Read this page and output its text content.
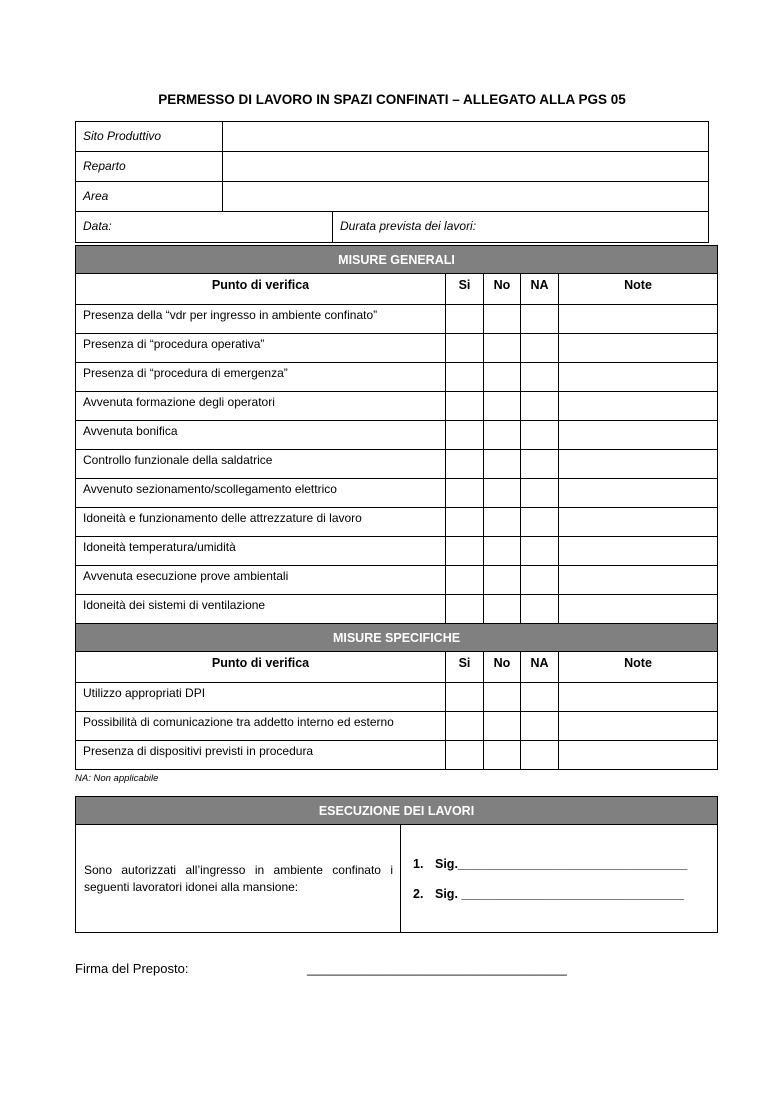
PERMESSO DI LAVORO IN SPAZI CONFINATI – ALLEGATO ALLA PGS 05
Sito Produttivo		
Reparto		
Area		
Data:		Durata prevista dei lavori:
MISURE GENERALI				
Punto di verifica	Si	No	NA	Note
Presenza della “vdr per ingresso in ambiente confinato”				
Presenza di “procedura operativa”				
Presenza di “procedura di emergenza”				
Avvenuta formazione degli operatori				
Avvenuta bonifica				
Controllo funzionale della saldatrice				
Avvenuto sezionamento/scollegamento elettrico				
Idoneità e funzionamento delle attrezzature di lavoro				
Idoneità temperatura/umidità				
Avvenuta esecuzione prove ambientali				
Idoneità dei sistemi di ventilazione				
MISURE SPECIFICHE				
Punto di verifica	Si	No	NA	Note
Utilizzo appropriati DPI				
Possibilità di comunicazione tra addetto interno ed esterno				
Presenza di dispositivi previsti in procedura				
NA: Non applicabile
ESECUZIONE DEI LAVORI
Sono autorizzati all’ingresso in ambiente confinato i seguenti lavoratori idonei alla mansione:	
1. Sig._________________________________
2. Sig. ________________________________
Firma del Preposto:	___________________________________
